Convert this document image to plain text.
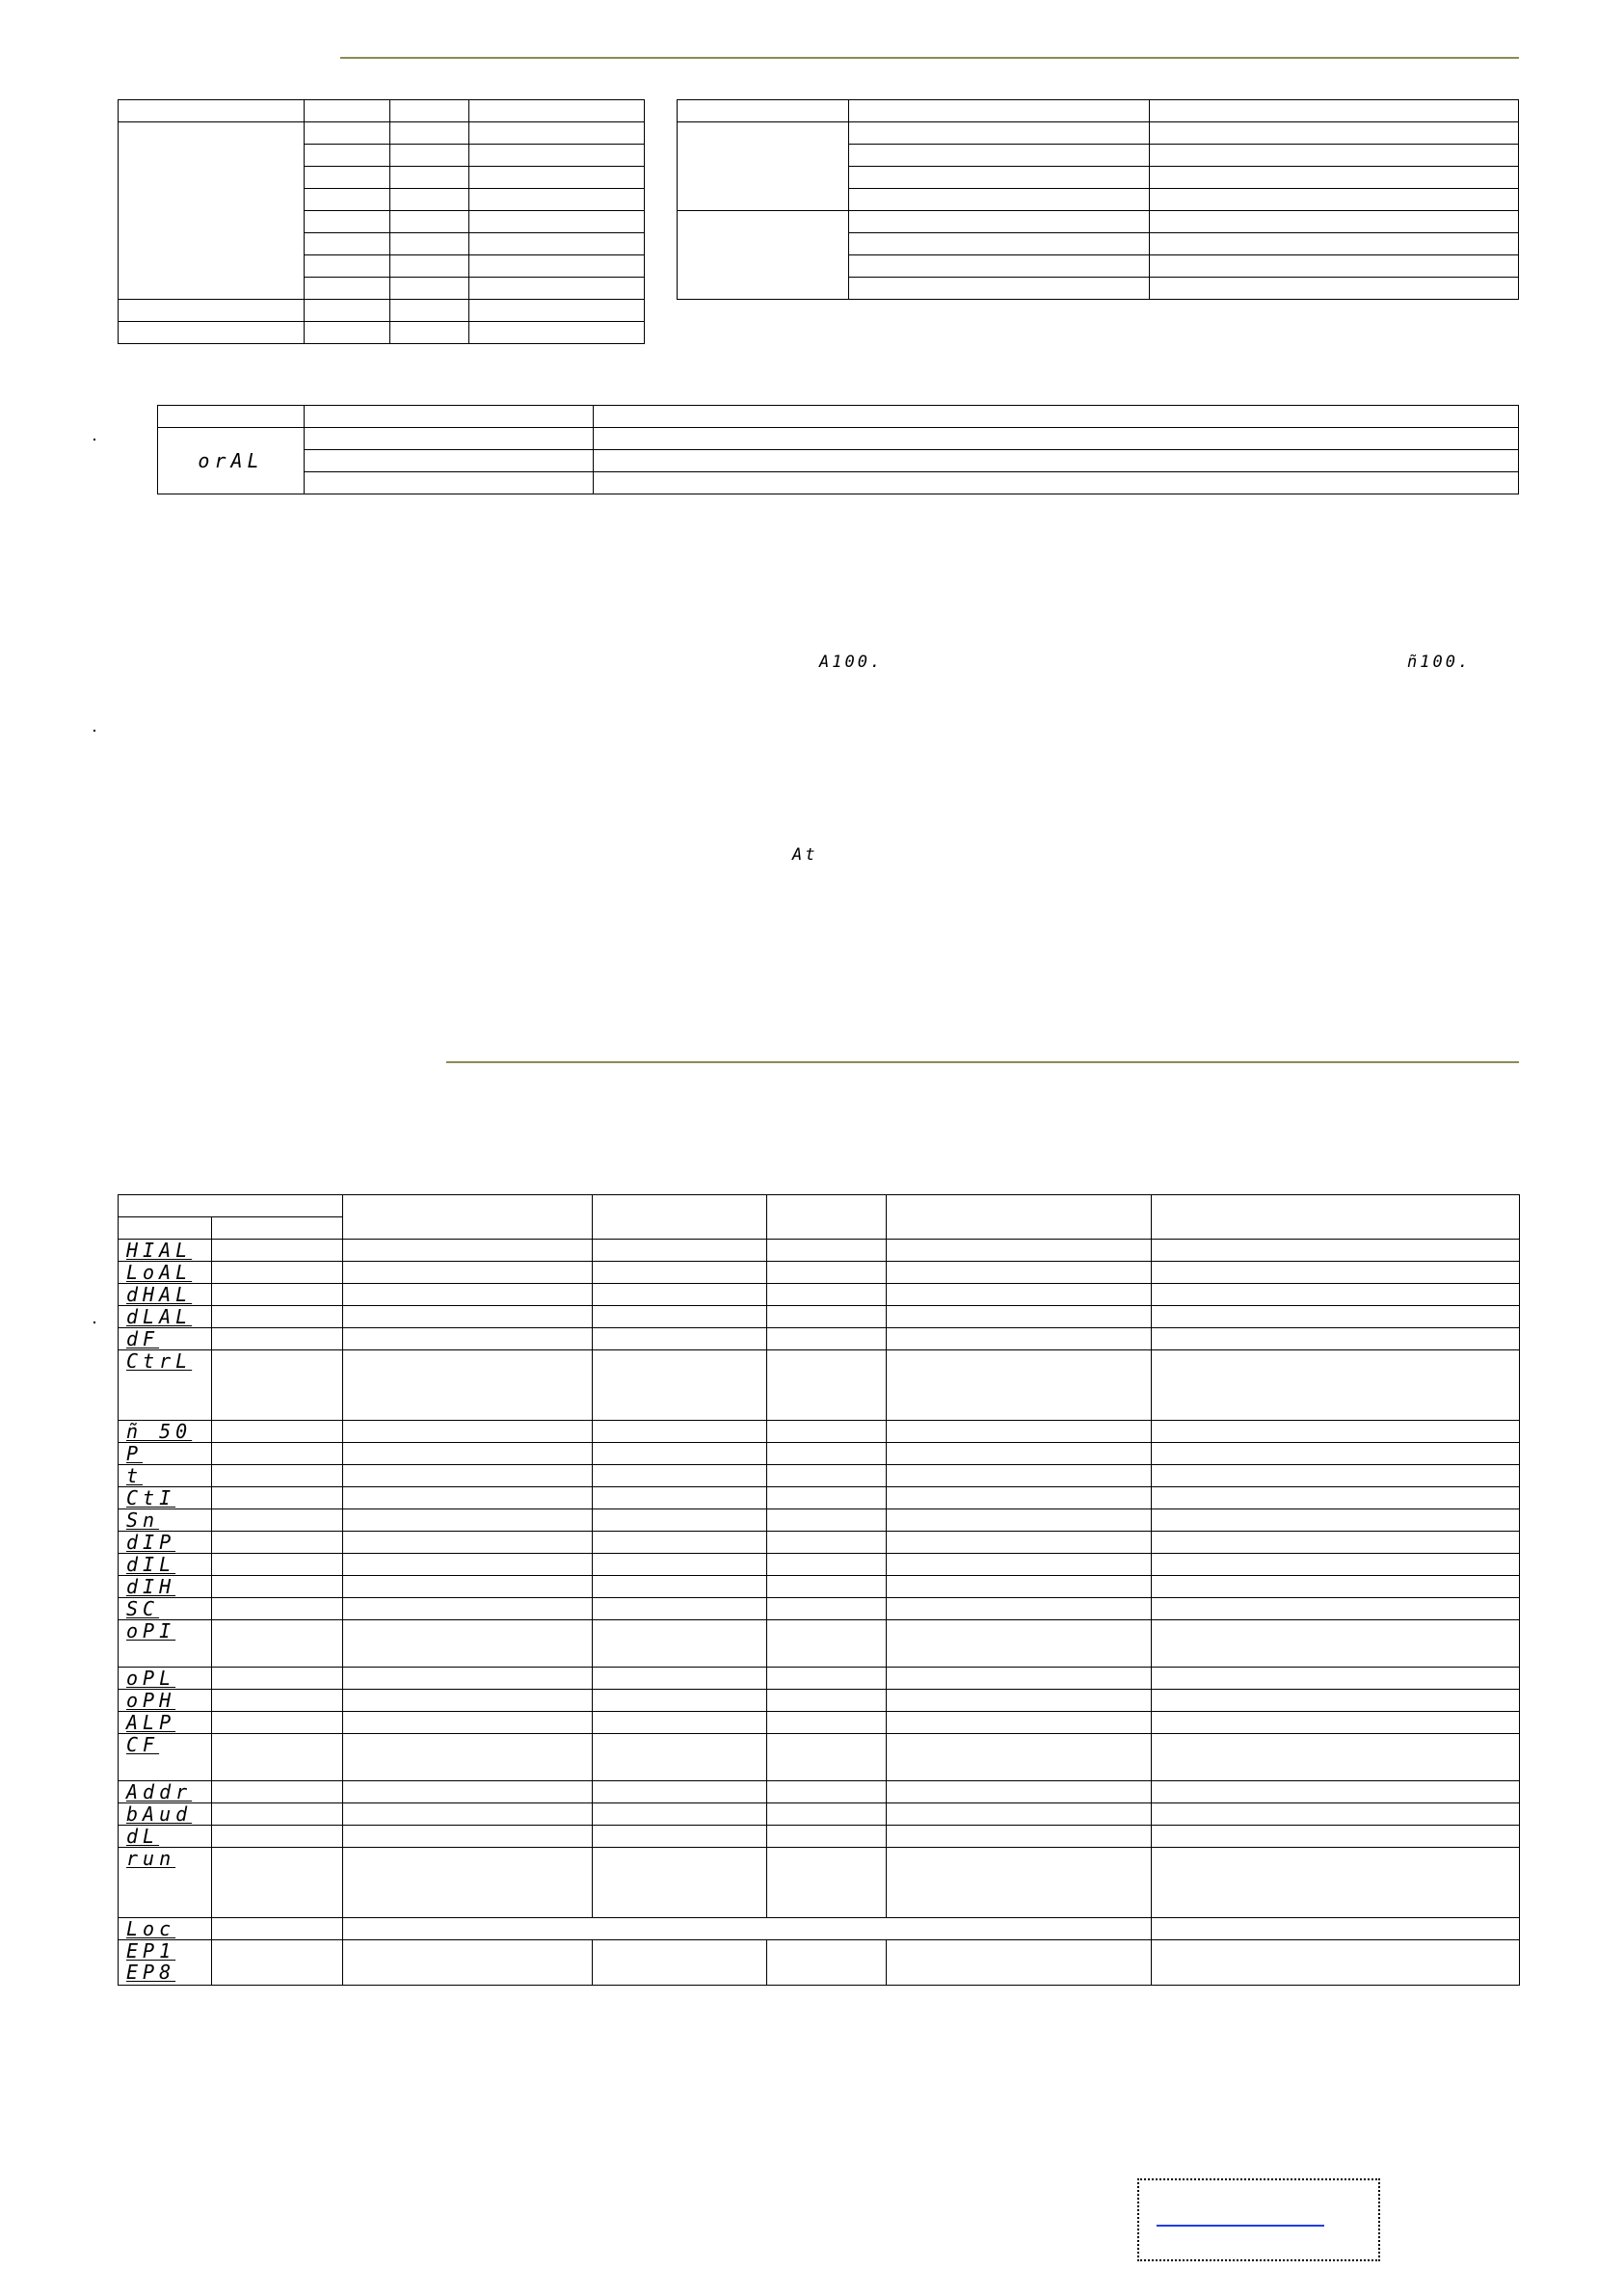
orAL		

A100.	ñ100.
At

HIAL						

LoAL						

dHAL						

dLAL						

dF						

CtrL						

ñ 50						

P						

t						

CtI						

Sn						

dIP						

dIL						

dIH						

SC						

oPI						

oPL						

oPH						

ALP						

CF						

Addr						

bAud						

dL						

run						

Loc						

EP1
EP8						
